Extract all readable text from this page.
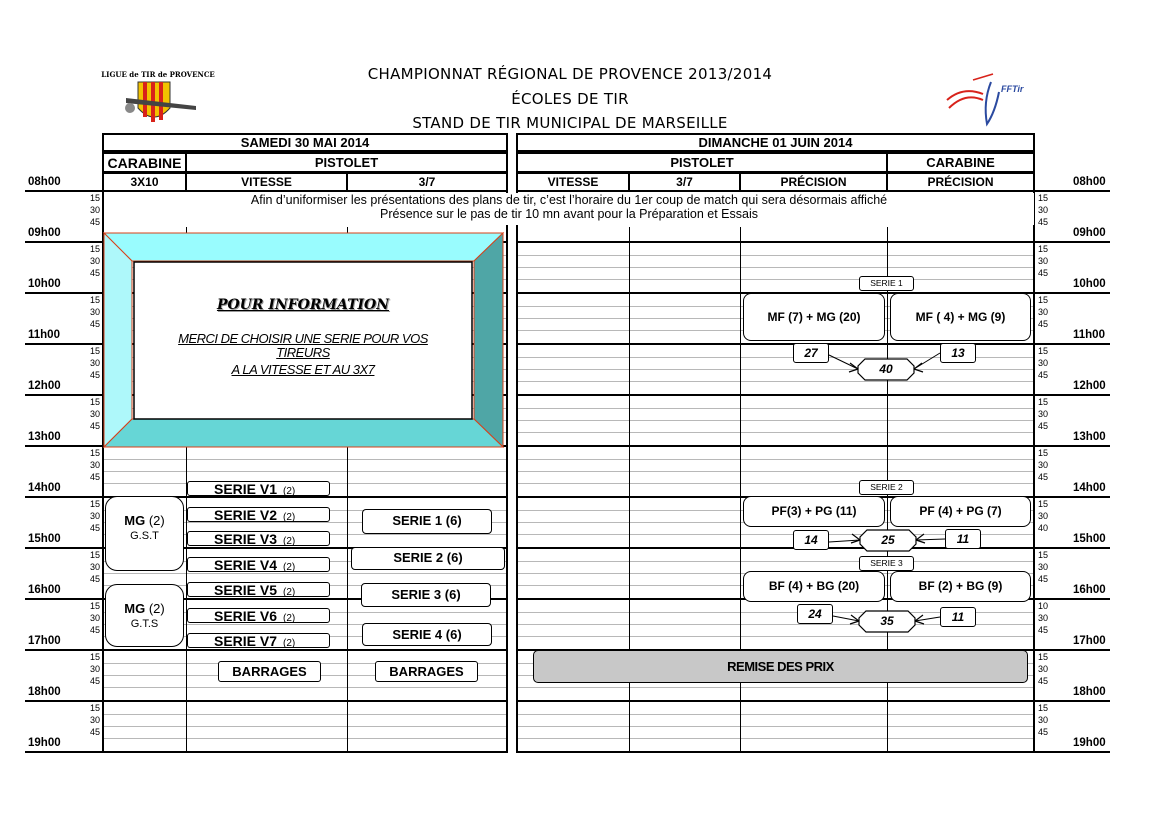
CHAMPIONNAT RÉGIONAL DE PROVENCE 2013/2014
ÉCOLES DE TIR
STAND DE TIR MUNICIPAL DE MARSEILLE
LIGUE de TIR de PROVENCE
FFTir
SAMEDI 30 MAI 2014
CARABINE	PISTOLET
3X10	VITESSE	3/7
DIMANCHE 01 JUIN 2014
PISTOLET	CARABINE
VITESSE	3/7	PRÉCISION	PRÉCISION
08h00	08h00
15	15
30	30
45	45
09h00	09h00
15	15
30	30
45	45
10h00	10h00
15	15
30	30
45	45
11h00	11h00
15	15
30	30
45	45
12h00	12h00
15	15
30	30
45	45
13h00	13h00
15	15
30	30
45	45
14h00	14h00
15	15
30	30
45	40
15h00	15h00
15	15
30	30
45	45
16h00	16h00
15	10
30	30
45	45
17h00	17h00
15	15
30	30
45	45
18h00	18h00
15	15
30	30
45	45
19h00	19h00
Afin d’uniformiser les présentations des plans de tir, c’est l’horaire du 1er coup de match qui sera désormais affiché
Présence sur le pas de tir 10 mn avant pour la Préparation et Essais
POUR INFORMATION
MERCI DE CHOISIR UNE SERIE POUR VOS
TIREURS
A LA VITESSE ET AU 3X7
MG (2)
G.S.T
MG (2)
G.T.S
SERIE V1 (2)
SERIE V2 (2)
SERIE V3 (2)
SERIE V4 (2)
SERIE V5 (2)
SERIE V6 (2)
SERIE V7 (2)
SERIE 1 (6)
SERIE 2 (6)
SERIE 3 (6)
SERIE 4 (6)
BARRAGES	BARRAGES
SERIE 1
MF (7) + MG (20)	MF ( 4) + MG (9)
27	13
40
SERIE 2
PF(3) + PG (11)	PF (4) + PG (7)
14	11
25
SERIE 3
BF (4) + BG (20)	BF (2) + BG (9)
24	11
35
REMISE DES PRIX
